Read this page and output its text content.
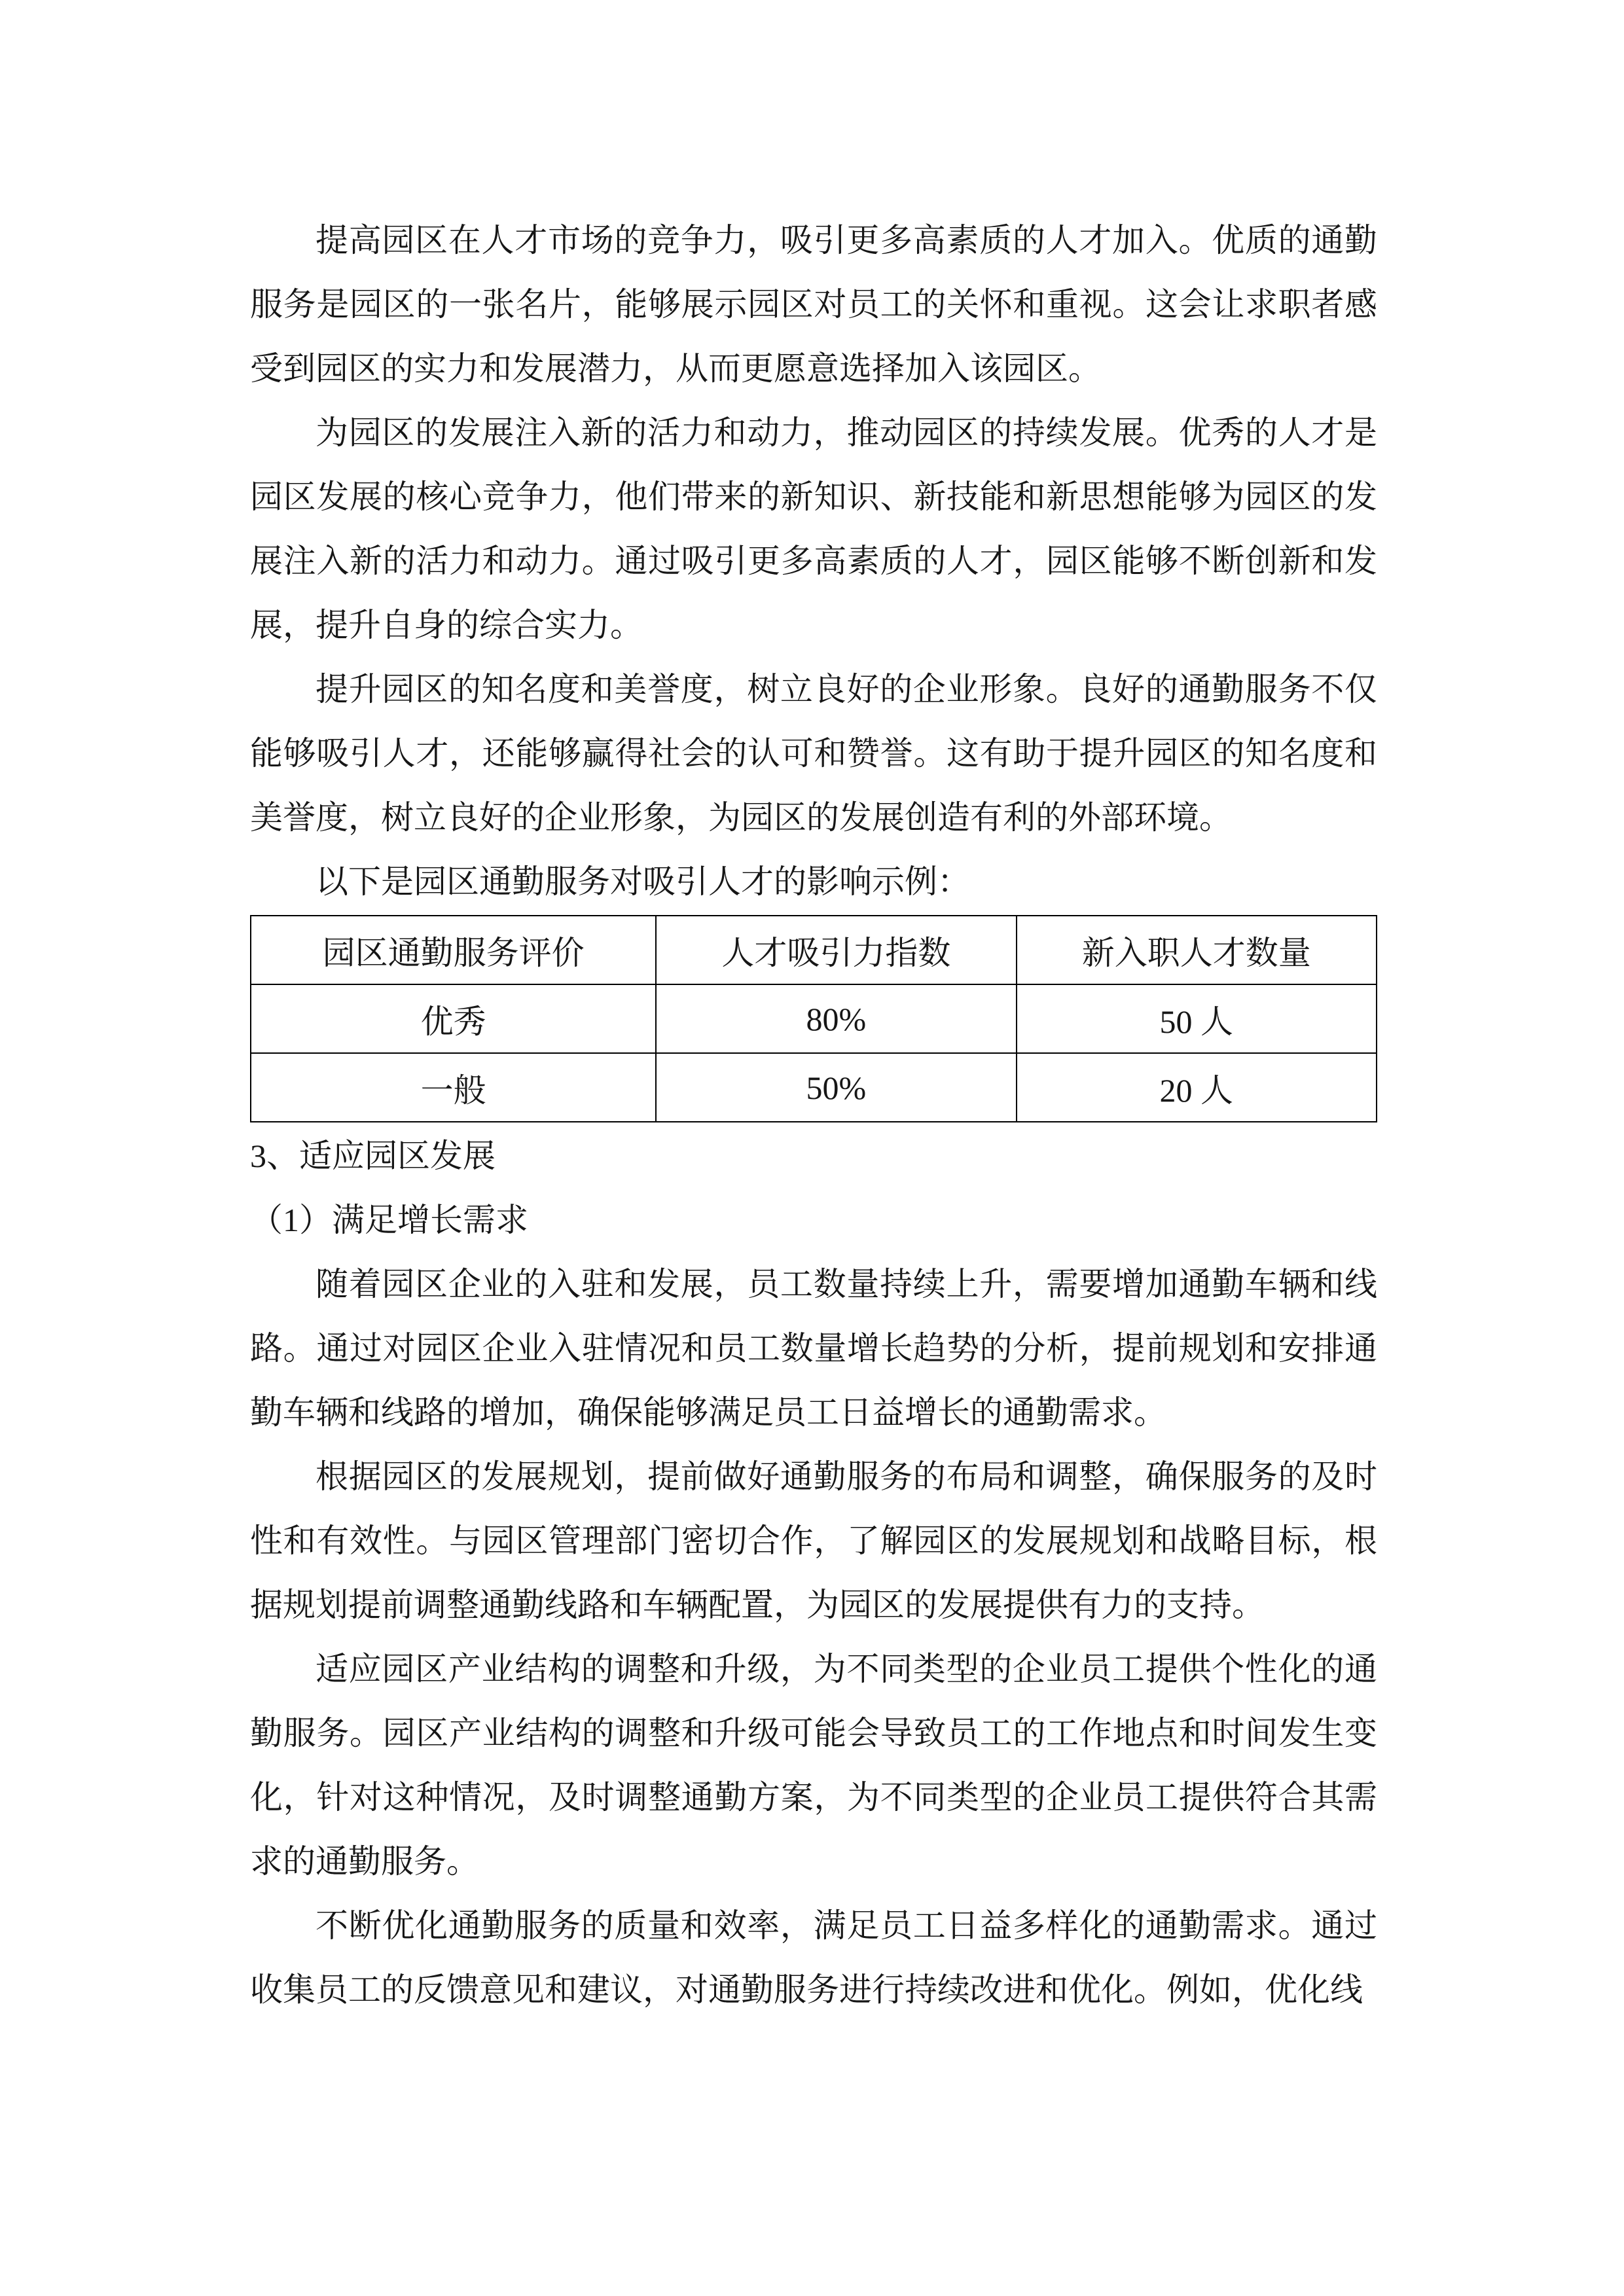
提高园区在人才市场的竞争力，吸引更多高素质的人才加入。优质的通勤服务是园区的一张名片，能够展示园区对员工的关怀和重视。这会让求职者感受到园区的实力和发展潜力，从而更愿意选择加入该园区。

为园区的发展注入新的活力和动力，推动园区的持续发展。优秀的人才是园区发展的核心竞争力，他们带来的新知识、新技能和新思想能够为园区的发展注入新的活力和动力。通过吸引更多高素质的人才，园区能够不断创新和发展，提升自身的综合实力。

提升园区的知名度和美誉度，树立良好的企业形象。良好的通勤服务不仅能够吸引人才，还能够赢得社会的认可和赞誉。这有助于提升园区的知名度和美誉度，树立良好的企业形象，为园区的发展创造有利的外部环境。

以下是园区通勤服务对吸引人才的影响示例：

园区通勤服务评价	人才吸引力指数	新入职人才数量
优秀	80%	50 人
一般	50%	20 人

3、适应园区发展

（1）满足增长需求

随着园区企业的入驻和发展，员工数量持续上升，需要增加通勤车辆和线路。通过对园区企业入驻情况和员工数量增长趋势的分析，提前规划和安排通勤车辆和线路的增加，确保能够满足员工日益增长的通勤需求。

根据园区的发展规划，提前做好通勤服务的布局和调整，确保服务的及时性和有效性。与园区管理部门密切合作，了解园区的发展规划和战略目标，根据规划提前调整通勤线路和车辆配置，为园区的发展提供有力的支持。

适应园区产业结构的调整和升级，为不同类型的企业员工提供个性化的通勤服务。园区产业结构的调整和升级可能会导致员工的工作地点和时间发生变化，针对这种情况，及时调整通勤方案，为不同类型的企业员工提供符合其需求的通勤服务。

不断优化通勤服务的质量和效率，满足员工日益多样化的通勤需求。通过收集员工的反馈意见和建议，对通勤服务进行持续改进和优化。例如，优化线
